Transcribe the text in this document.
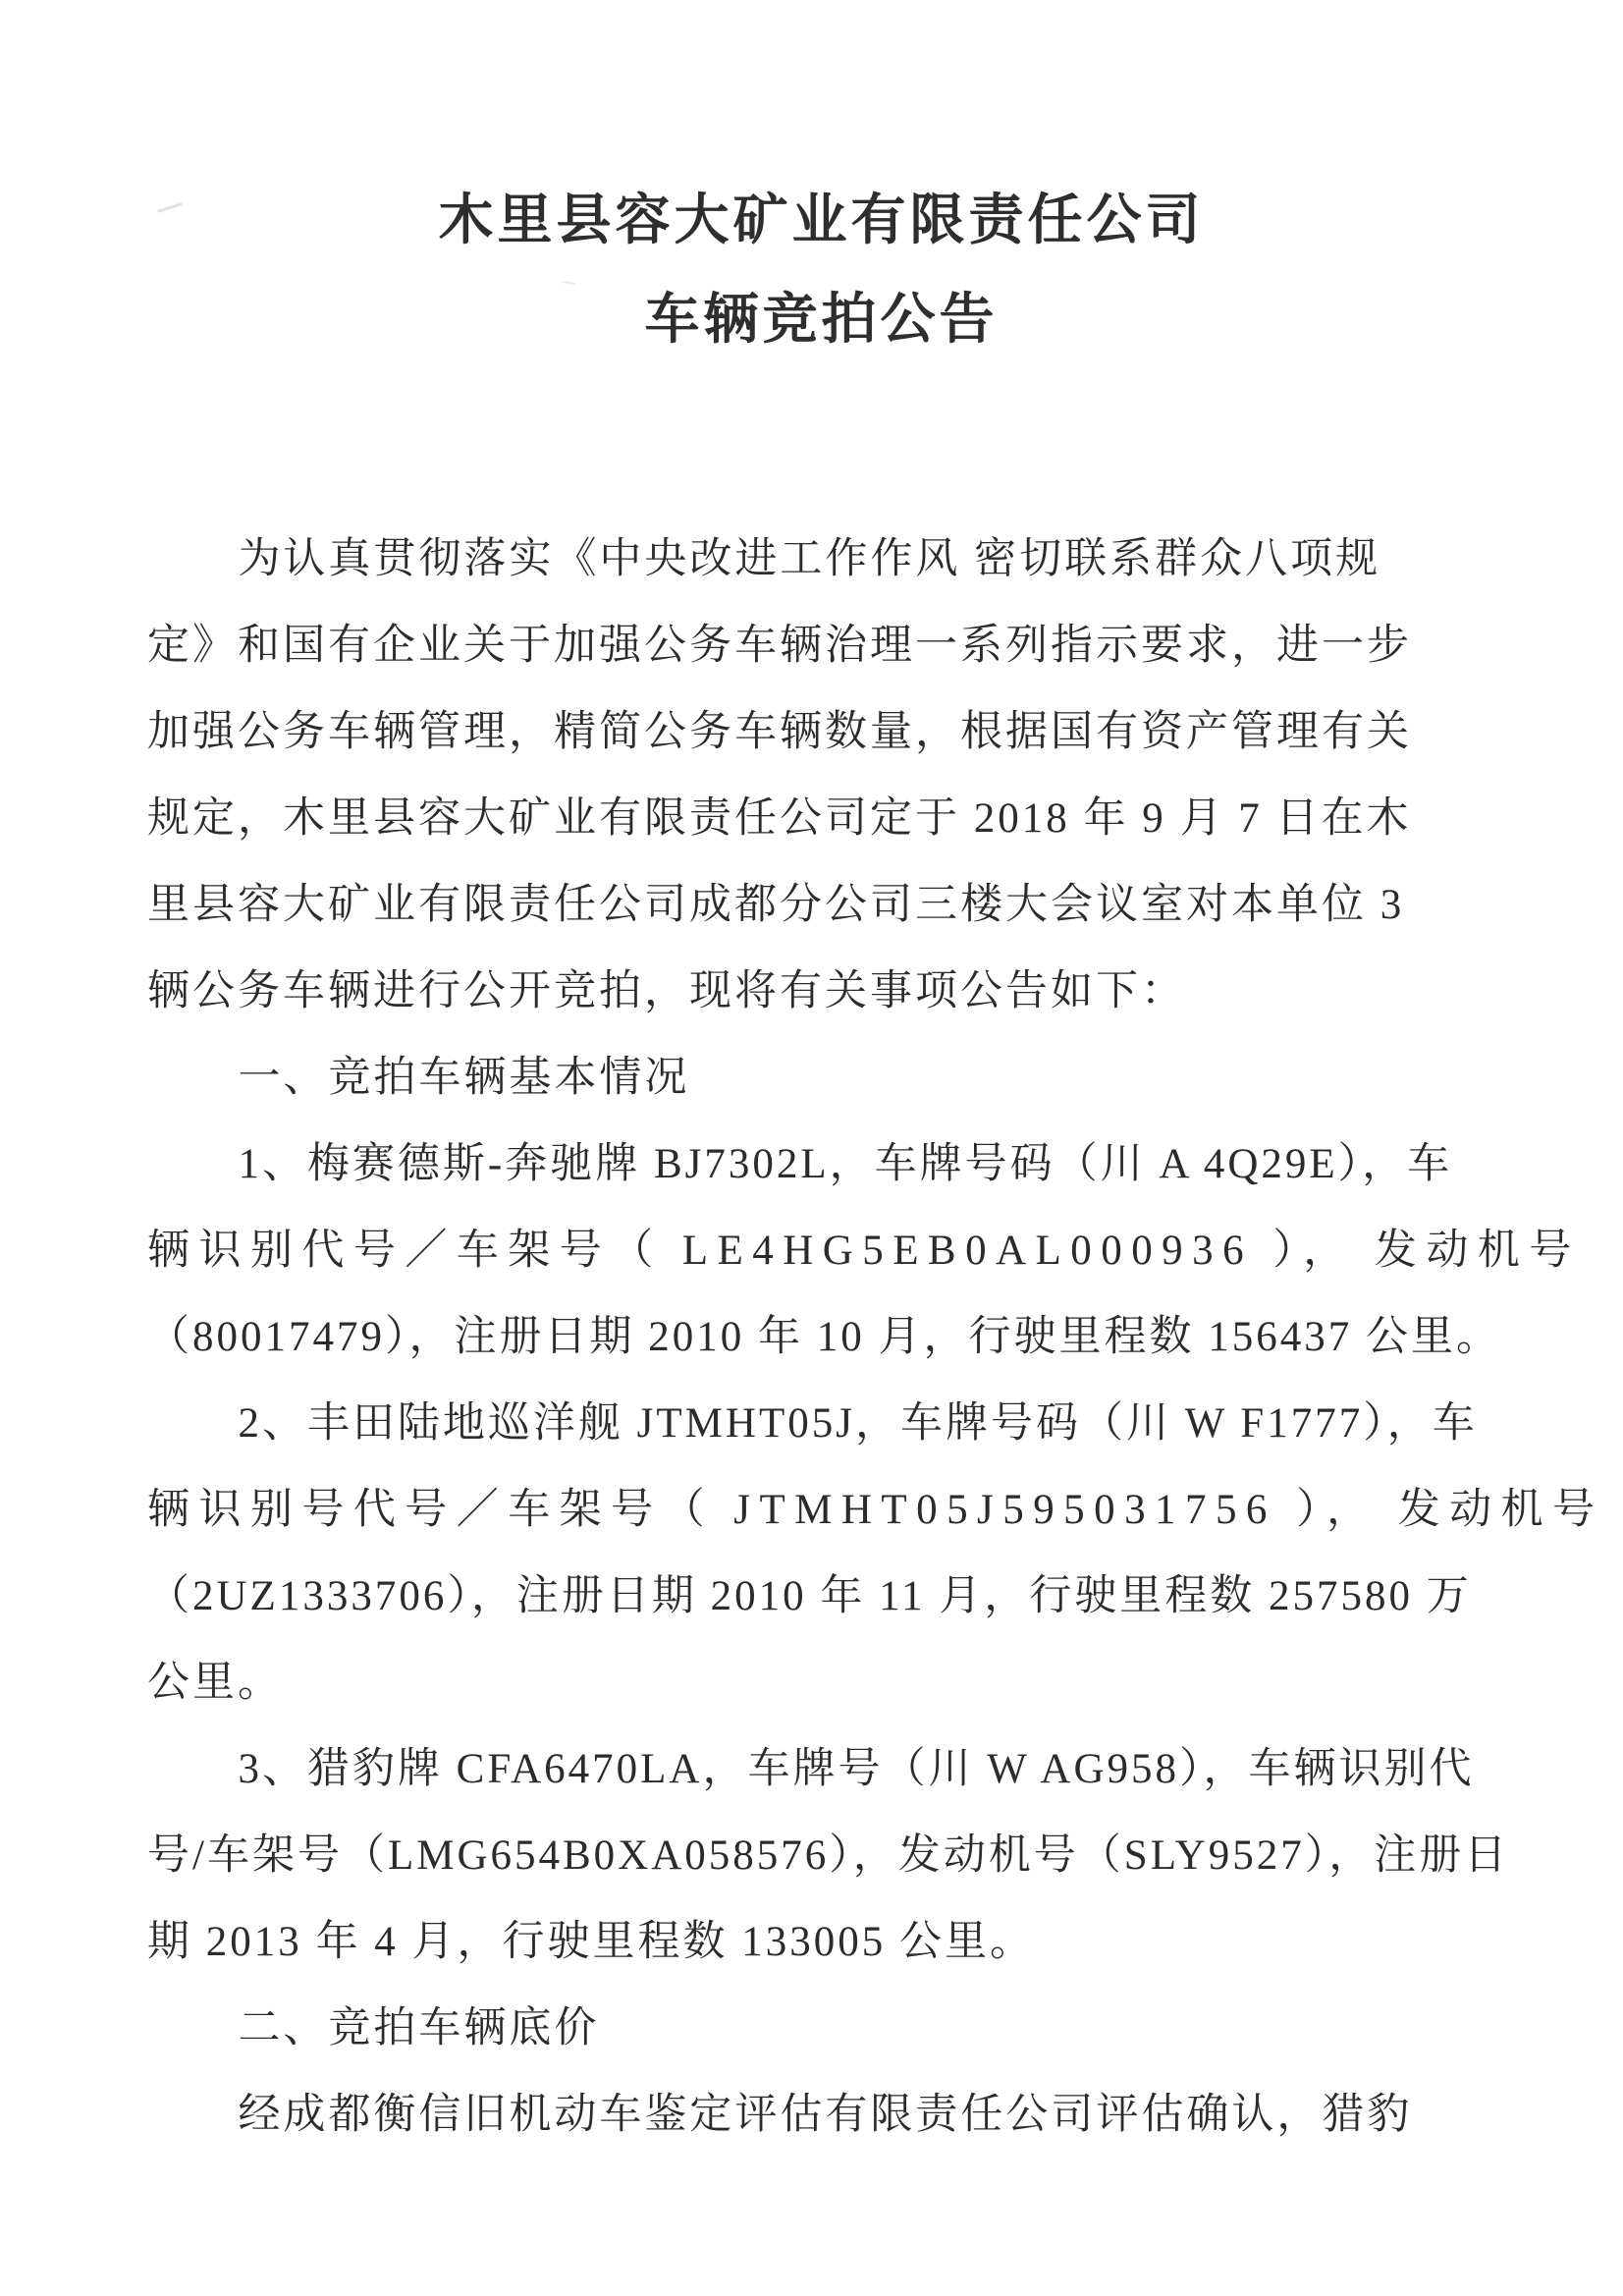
木里县容大矿业有限责任公司
车辆竞拍公告
为认真贯彻落实《中央改进工作作风 密切联系群众八项规
定》和国有企业关于加强公务车辆治理一系列指示要求，进一步
加强公务车辆管理，精简公务车辆数量，根据国有资产管理有关
规定，木里县容大矿业有限责任公司定于 2018 年 9 月 7 日在木
里县容大矿业有限责任公司成都分公司三楼大会议室对本单位 3
辆公务车辆进行公开竞拍，现将有关事项公告如下：
一、竞拍车辆基本情况
1、梅赛德斯-奔驰牌 BJ7302L，车牌号码（川 A 4Q29E），车
辆识别代号／车架号（ LE4HG5EB0AL000936 ）， 发动机号
（80017479），注册日期 2010 年 10 月，行驶里程数 156437 公里。
2、丰田陆地巡洋舰 JTMHT05J，车牌号码（川 W F1777），车
辆识别号代号／车架号（ JTMHT05J595031756 ）， 发动机号
（2UZ1333706），注册日期 2010 年 11 月，行驶里程数 257580 万
公里。
3、猎豹牌 CFA6470LA，车牌号（川 W AG958），车辆识别代
号/车架号（LMG654B0XA058576），发动机号（SLY9527），注册日
期 2013 年 4 月，行驶里程数 133005 公里。
二、竞拍车辆底价
经成都衡信旧机动车鉴定评估有限责任公司评估确认，猎豹
